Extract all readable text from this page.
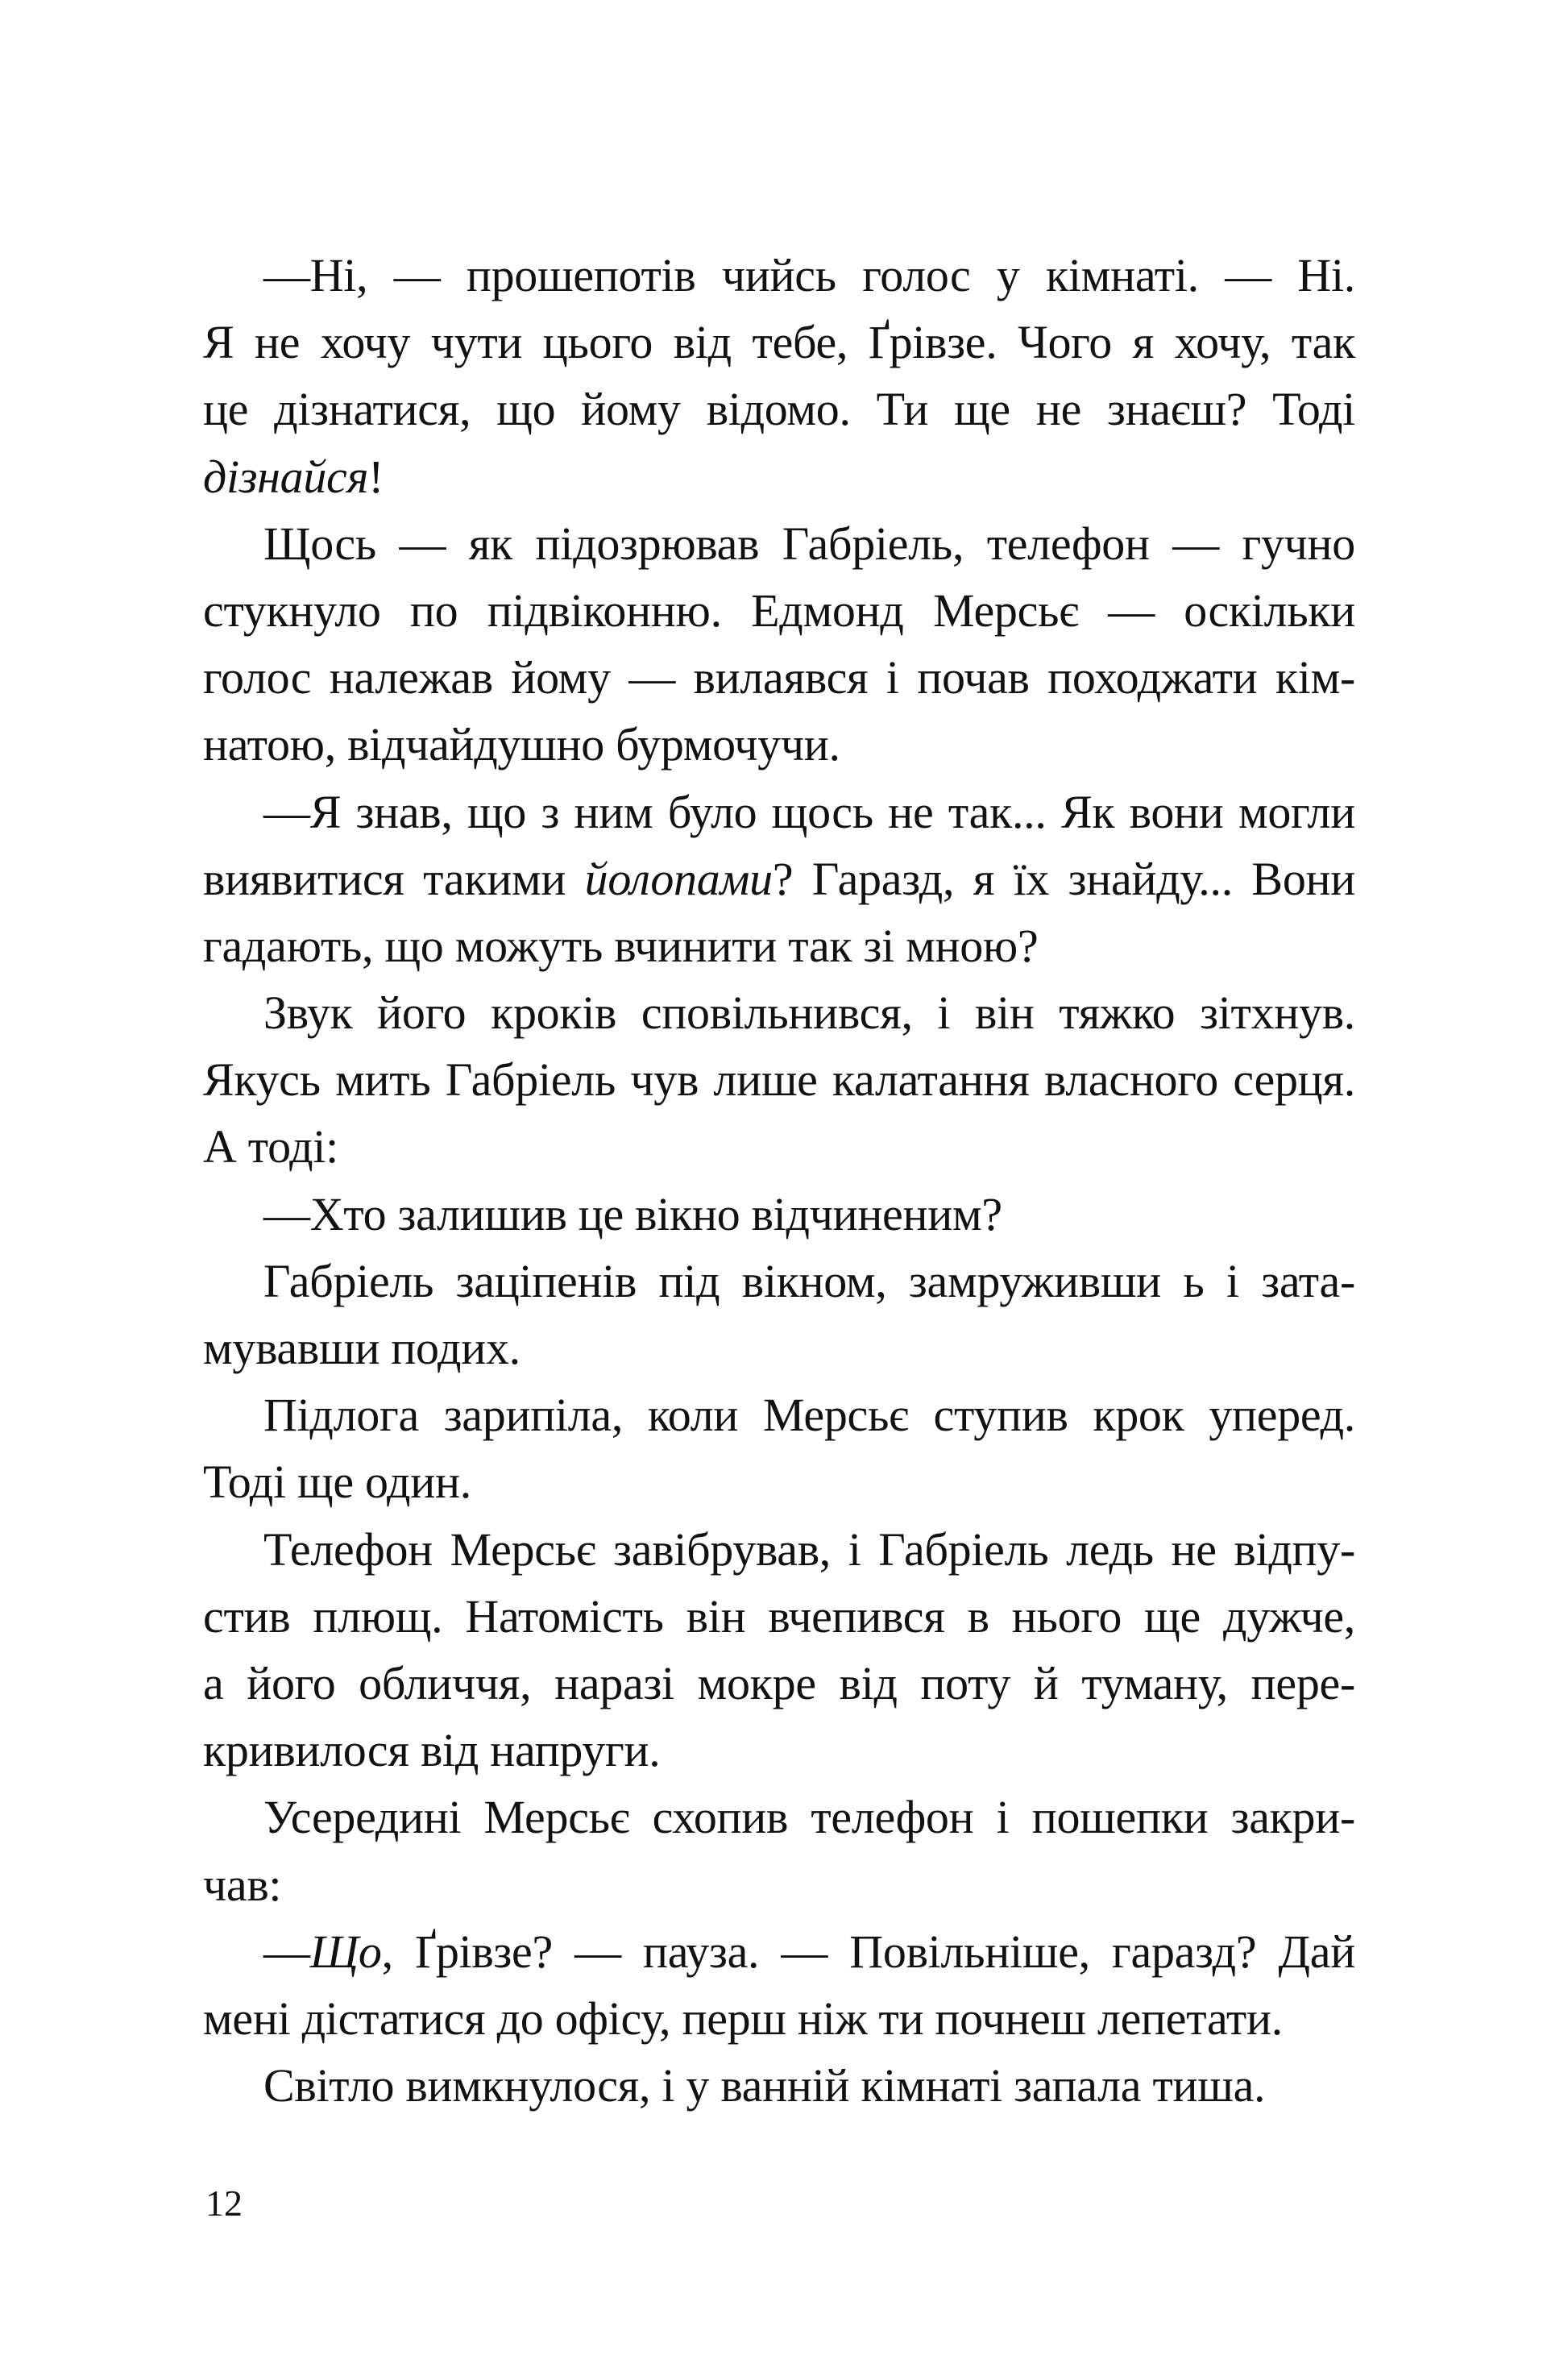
—Ні, — прошепотів чийсь голос у кімнаті. — Ні.
Я не хочу чути цього від тебе, Ґрівзе. Чого я хочу, так
це дізнатися, що йому відомо. Ти ще не знаєш? Тоді
дізнайся!
Щось — як підозрював Габріель, телефон — гучно
стукнуло по підвіконню. Едмонд Мерсьє — оскільки
голос належав йому — вилаявся і почав походжати кім-
натою, відчайдушно бурмочучи.
—Я знав, що з ним було щось не так... Як вони могли
виявитися такими йолопами? Гаразд, я їх знайду... Вони
гадають, що можуть вчинити так зі мною?
Звук його кроків сповільнився, і він тяжко зітхнув.
Якусь мить Габріель чув лише калатання власного серця.
А тоді:
—Хто залишив це вікно відчиненим?
Габріель заціпенів під вікном, замруживши ь і зата-
мувавши подих.
Підлога зарипіла, коли Мерсьє ступив крок уперед.
Тоді ще один.
Телефон Мерсьє завібрував, і Габріель ледь не відпу-
стив плющ. Натомість він вчепився в нього ще дужче,
а його обличчя, наразі мокре від поту й туману, пере-
кривилося від напруги.
Усередині Мерсьє схопив телефон і пошепки закри-
чав:
—Що, Ґрівзе? — пауза. — Повільніше, гаразд? Дай
мені дістатися до офісу, перш ніж ти почнеш лепетати.
Світло вимкнулося, і у ванній кімнаті запала тиша.
12
